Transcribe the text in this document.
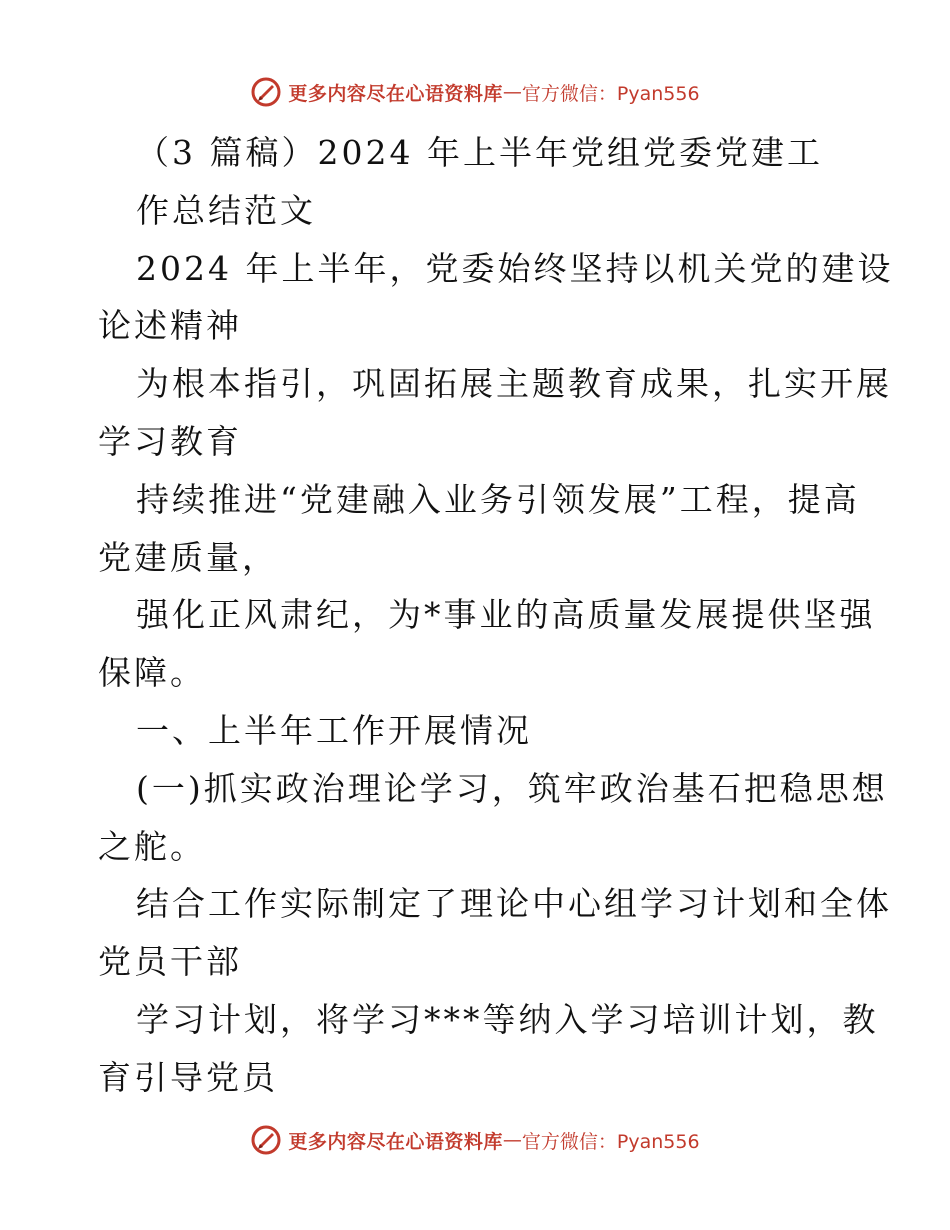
更多内容尽在心语资料库 — 官方微信：Pyan556
（3 篇稿）2024 年上半年党组党委党建工
作总结范文
2024 年上半年，党委始终坚持以机关党的建设
论述精神
为根本指引，巩固拓展主题教育成果，扎实开展
学习教育
持续推进“党建融入业务引领发展”工程，提高
党建质量，
强化正风肃纪，为*事业的高质量发展提供坚强
保障。
一、上半年工作开展情况
(一)抓实政治理论学习，筑牢政治基石把稳思想
之舵。
结合工作实际制定了理论中心组学习计划和全体
党员干部
学习计划，将学习***等纳入学习培训计划，教
育引导党员
更多内容尽在心语资料库 — 官方微信：Pyan556
